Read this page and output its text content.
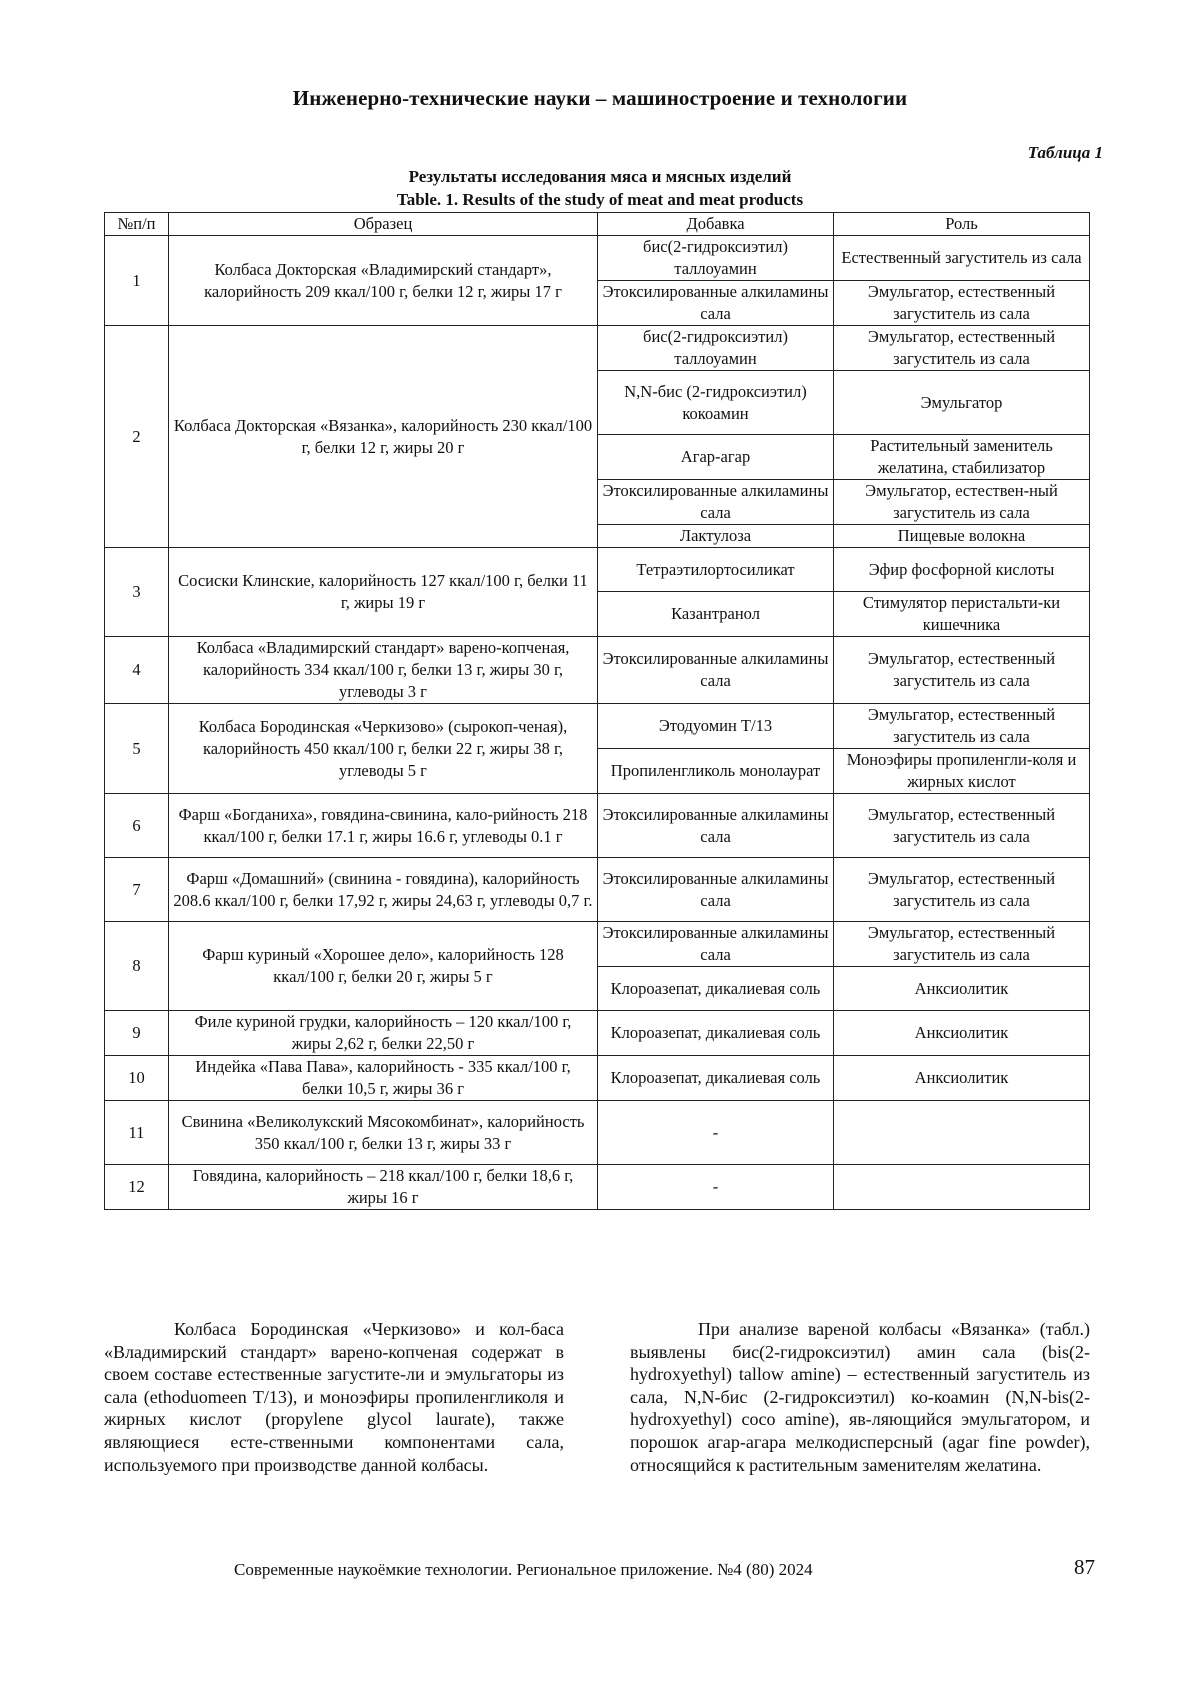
Инженерно-технические науки – машиностроение и технологии
Таблица 1
Результаты исследования мяса и мясных изделий
Table. 1. Results of the study of meat and meat products
№п/п	Образец	Добавка	Роль
1	Колбаса Докторская «Владимирский стандарт», калорийность 209 ккал/100 г, белки 12 г, жиры 17 г	бис(2-гидроксиэтил) таллоуамин	Естественный загуститель из сала
		Этоксилированные алкиламины сала	Эмульгатор, естественный загуститель из сала
2	Колбаса Докторская «Вязанка», калорийность 230 ккал/100 г, белки 12 г, жиры 20 г	бис(2-гидроксиэтил) таллоуамин	Эмульгатор, естественный загуститель из сала
		N,N-бис (2-гидроксиэтил) кокоамин	Эмульгатор
		Агар-агар	Растительный заменитель желатина, стабилизатор
		Этоксилированные алкиламины сала	Эмульгатор, естествен-ный загуститель из сала
		Лактулоза	Пищевые волокна
3	Сосиски Клинские, калорийность 127 ккал/100 г, белки 11 г, жиры 19 г	Тетраэтилортосиликат	Эфир фосфорной кислоты
		Казантранол	Стимулятор перистальти-ки кишечника
4	Колбаса «Владимирский стандарт» варено-копченая, калорийность 334 ккал/100 г, белки 13 г, жиры 30 г, углеводы 3 г	Этоксилированные алкиламины сала	Эмульгатор, естественный загуститель из сала
5	Колбаса Бородинская «Черкизово» (сырокоп-ченая), калорийность 450 ккал/100 г, белки 22 г, жиры 38 г, углеводы 5 г	Этодуомин Т/13	Эмульгатор, естественный загуститель из сала
		Пропиленгликоль монолаурат	Моноэфиры пропиленгли-коля и жирных кислот
6	Фарш «Богданиха», говядина-свинина, кало-рийность 218 ккал/100 г, белки 17.1 г, жиры 16.6 г, углеводы 0.1 г	Этоксилированные алкиламины сала	Эмульгатор, естественный загуститель из сала
7	Фарш «Домашний» (свинина - говядина), калорийность 208.6 ккал/100 г, белки 17,92 г, жиры 24,63 г, углеводы 0,7 г.	Этоксилированные алкиламины сала	Эмульгатор, естественный загуститель из сала
8	Фарш куриный «Хорошее дело», калорийность 128 ккал/100 г, белки 20 г, жиры 5 г	Этоксилированные алкиламины сала	Эмульгатор, естественный загуститель из сала
		Клороазепат, дикалиевая соль	Анксиолитик
9	Филе куриной грудки, калорийность – 120 ккал/100 г, жиры 2,62 г, белки 22,50 г	Клороазепат, дикалиевая соль	Анксиолитик
10	Индейка «Пава Пава», калорийность - 335 ккал/100 г, белки 10,5 г, жиры 36 г	Клороазепат, дикалиевая соль	Анксиолитик
11	Свинина «Великолукский Мясокомбинат», калорийность 350 ккал/100 г, белки 13 г, жиры 33 г	-	
12	Говядина, калорийность – 218 ккал/100 г, белки 18,6 г, жиры 16 г	-	
Колбаса Бородинская «Черкизово» и кол-баса «Владимирский стандарт» варено-копченая содержат в своем составе естественные загустите-ли и эмульгаторы из сала (ethoduomeen T/13), и моноэфиры пропиленгликоля и жирных кислот (propylene glycol laurate), также являющиеся есте-ственными компонентами сала, используемого при производстве данной колбасы.
При анализе вареной колбасы «Вязанка» (табл.) выявлены бис(2-гидроксиэтил) амин сала (bis(2-hydroxyethyl) tallow amine) – естественный загуститель из сала, N,N-бис (2-гидроксиэтил) ко-коамин (N,N-bis(2-hydroxyethyl) coco amine), яв-ляющийся эмульгатором, и порошок агар-агара мелкодисперсный (agar fine powder), относящийся к растительным заменителям желатина.
Современные наукоёмкие технологии. Региональное приложение. №4 (80) 2024	87
